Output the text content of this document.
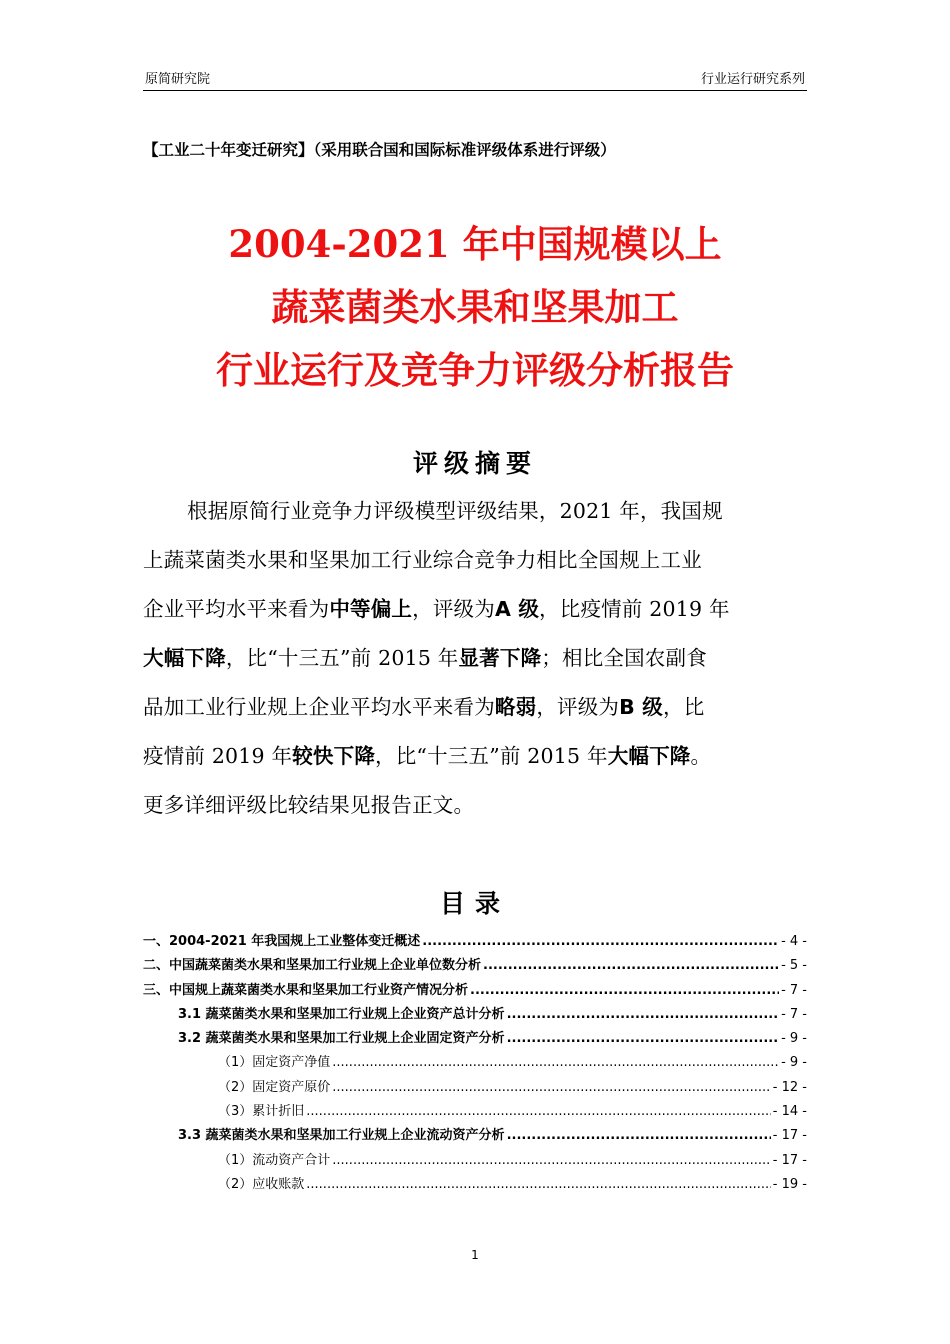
原简研究院	行业运行研究系列
【工业二十年变迁研究】（采用联合国和国际标准评级体系进行评级）
2004-2021 年中国规模以上
蔬菜菌类水果和坚果加工
行业运行及竞争力评级分析报告
评级摘要
根据原简行业竞争力评级模型评级结果，2021 年，我国规
上蔬菜菌类水果和坚果加工行业综合竞争力相比全国规上工业
企业平均水平来看为中等偏上，评级为A 级，比疫情前 2019 年
大幅下降，比“十三五”前 2015 年显著下降；相比全国农副食
品加工业行业规上企业平均水平来看为略弱，评级为B 级，比
疫情前 2019 年较快下降，比“十三五”前 2015 年大幅下降。
更多详细评级比较结果见报告正文。
目录
一、2004-2021 年我国规上工业整体变迁概述 .....	- 4 -
二、中国蔬菜菌类水果和坚果加工行业规上企业单位数分析 .....	- 5 -
三、中国规上蔬菜菌类水果和坚果加工行业资产情况分析 .....	- 7 -
3.1 蔬菜菌类水果和坚果加工行业规上企业资产总计分析 .....	- 7 -
3.2 蔬菜菌类水果和坚果加工行业规上企业固定资产分析 .....	- 9 -
（1）固定资产净值 .....	- 9 -
（2）固定资产原价 .....	- 12 -
（3）累计折旧 .....	- 14 -
3.3 蔬菜菌类水果和坚果加工行业规上企业流动资产分析 .....	- 17 -
（1）流动资产合计 .....	- 17 -
（2）应收账款 .....	- 19 -
1
